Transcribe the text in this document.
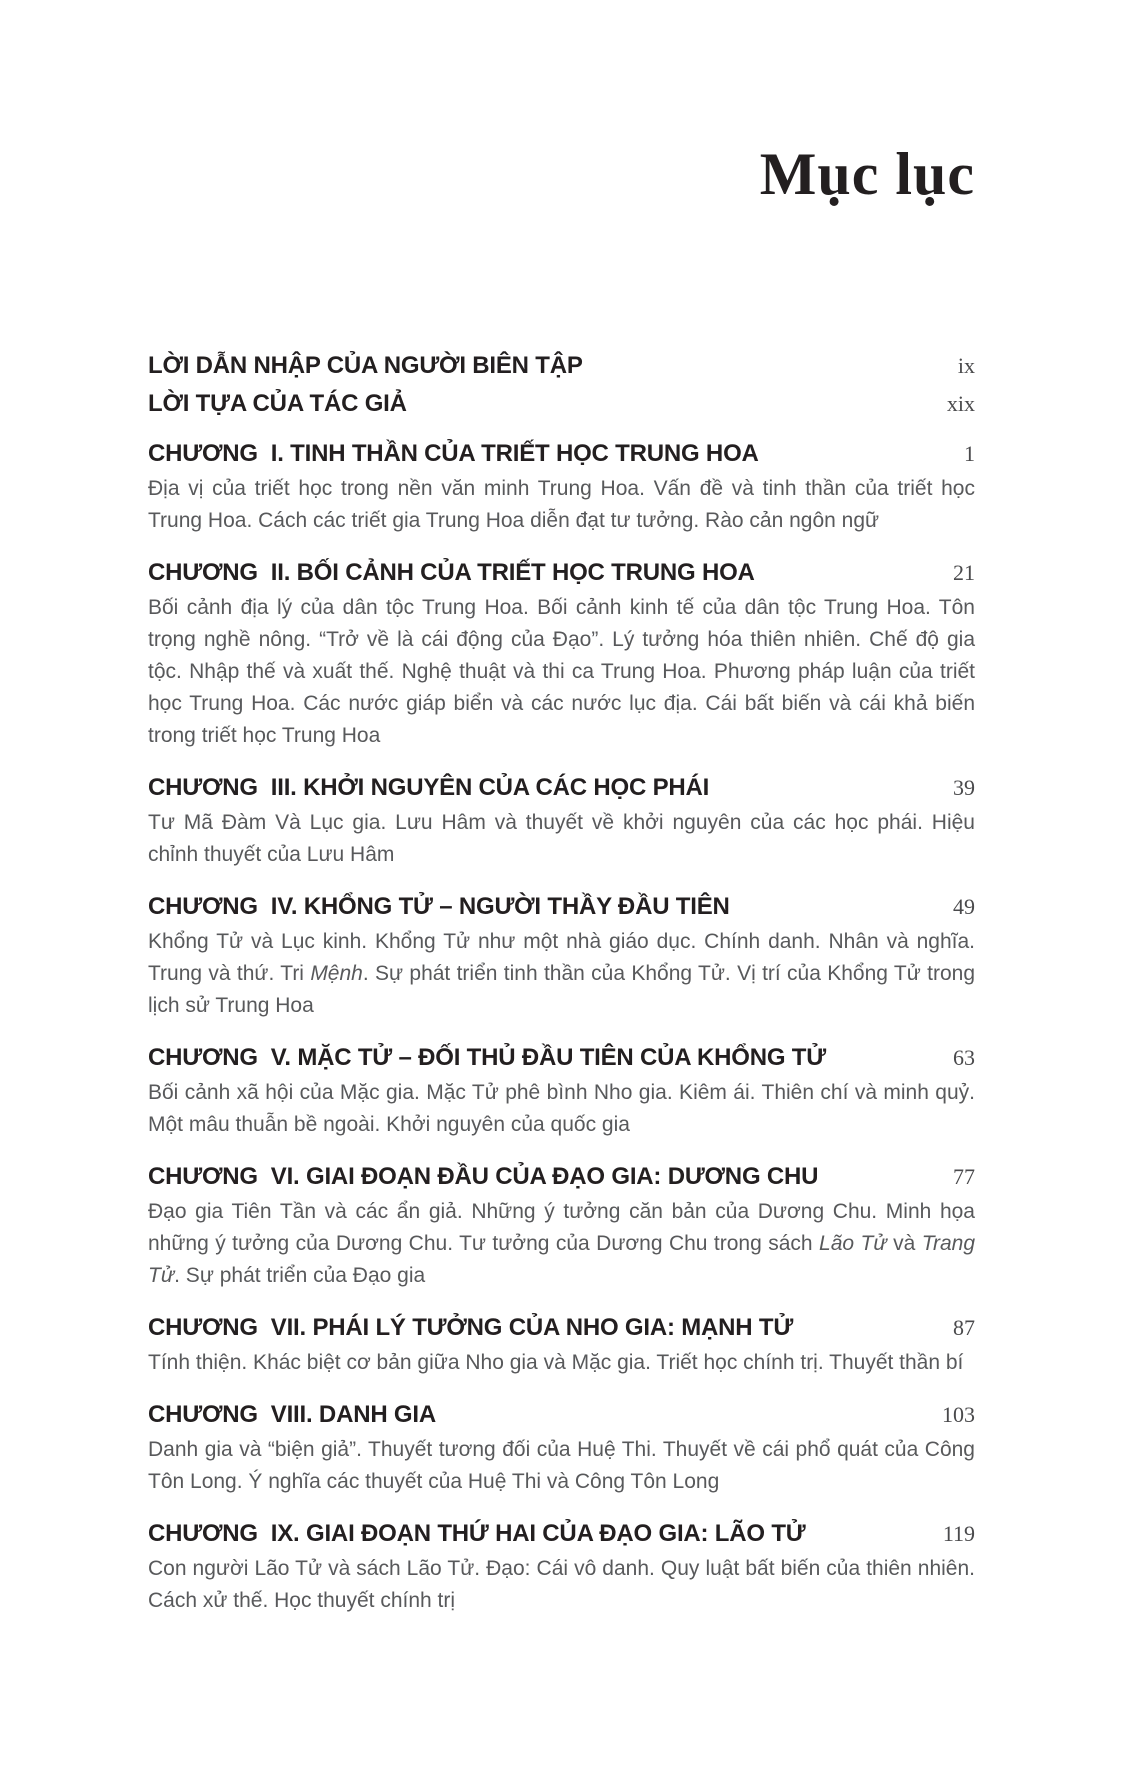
Mục lục
LỜI DẪN NHẬP CỦA NGƯỜI BIÊN TẬP	ix
LỜI TỰA CỦA TÁC GIẢ	xix
CHƯƠNG  I. TINH THẦN CỦA TRIẾT HỌC TRUNG HOA	1

Địa vị của triết học trong nền văn minh Trung Hoa. Vấn đề và tinh thần của triết học Trung Hoa. Cách các triết gia Trung Hoa diễn đạt tư tưởng. Rào cản ngôn ngữ

CHƯƠNG  II. BỐI CẢNH CỦA TRIẾT HỌC TRUNG HOA	21

Bối cảnh địa lý của dân tộc Trung Hoa. Bối cảnh kinh tế của dân tộc Trung Hoa. Tôn trọng nghề nông. “Trở về là cái động của Đạo”. Lý tưởng hóa thiên nhiên. Chế độ gia tộc. Nhập thế và xuất thế. Nghệ thuật và thi ca Trung Hoa. Phương pháp luận của triết học Trung Hoa. Các nước giáp biển và các nước lục địa. Cái bất biến và cái khả biến trong triết học Trung Hoa

CHƯƠNG  III. KHỞI NGUYÊN CỦA CÁC HỌC PHÁI	39

Tư Mã Đàm Và Lục gia. Lưu Hâm và thuyết về khởi nguyên của các học phái. Hiệu chỉnh thuyết của Lưu Hâm

CHƯƠNG  IV. KHỔNG TỬ – NGƯỜI THẦY ĐẦU TIÊN	49

Khổng Tử và Lục kinh. Khổng Tử như một nhà giáo dục. Chính danh. Nhân và nghĩa. Trung và thứ. Tri Mệnh. Sự phát triển tinh thần của Khổng Tử. Vị trí của Khổng Tử trong lịch sử Trung Hoa

CHƯƠNG  V. MẶC TỬ – ĐỐI THỦ ĐẦU TIÊN CỦA KHỔNG TỬ	63

Bối cảnh xã hội của Mặc gia. Mặc Tử phê bình Nho gia. Kiêm ái. Thiên chí và minh quỷ. Một mâu thuẫn bề ngoài. Khởi nguyên của quốc gia

CHƯƠNG  VI. GIAI ĐOẠN ĐẦU CỦA ĐẠO GIA: DƯƠNG CHU	77

Đạo gia Tiên Tần và các ẩn giả. Những ý tưởng căn bản của Dương Chu. Minh họa những ý tưởng của Dương Chu. Tư tưởng của Dương Chu trong sách Lão Tử và Trang Tử. Sự phát triển của Đạo gia

CHƯƠNG  VII. PHÁI LÝ TƯỞNG CỦA NHO GIA: MẠNH TỬ	87

Tính thiện. Khác biệt cơ bản giữa Nho gia và Mặc gia. Triết học chính trị. Thuyết thần bí

CHƯƠNG  VIII. DANH GIA	103

Danh gia và “biện giả”. Thuyết tương đối của Huệ Thi. Thuyết về cái phổ quát của Công Tôn Long. Ý nghĩa các thuyết của Huệ Thi và Công Tôn Long

CHƯƠNG  IX. GIAI ĐOẠN THỨ HAI CỦA ĐẠO GIA: LÃO TỬ	119

Con người Lão Tử và sách Lão Tử. Đạo: Cái vô danh. Quy luật bất biến của thiên nhiên. Cách xử thế. Học thuyết chính trị
